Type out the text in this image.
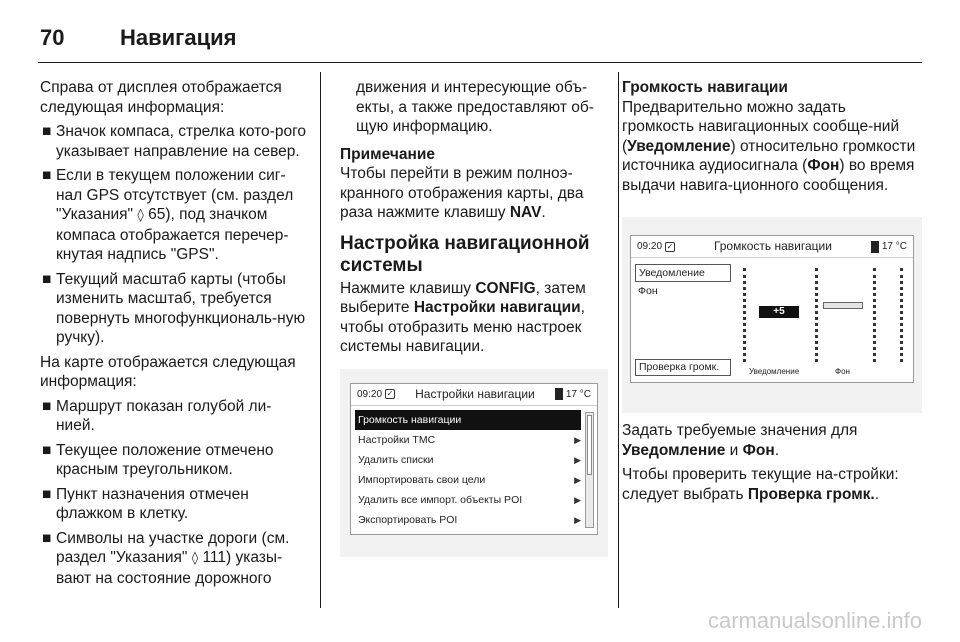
70	Навигация

Справа от дисплея отображается следующая информация:

■ Значок компаса, стрелка кото-рого указывает направление на север.
■ Если в текущем положении сиг-нал GPS отсутствует (см. раздел "Указания" ◊ 65), под значком компаса отображается перечер-кнутая надпись "GPS".
■ Текущий масштаб карты (чтобы изменить масштаб, требуется повернуть многофункциональ-ную ручку).

На карте отображается следующая информация:

■ Маршрут показан голубой ли-нией.
■ Текущее положение отмечено красным треугольником.
■ Пункт назначения отмечен флажком в клетку.
■ Символы на участке дороги (см. раздел "Указания" ◊ 111) указы-вают на состояние дорожного

движения и интересующие объ-екты, а также предоставляют об-щую информацию.

Примечание

Чтобы перейти в режим полноэ-кранного отображения карты, два раза нажмите клавишу NAV.

Настройка навигационной системы

Нажмите клавишу CONFIG, затем выберите Настройки навигации, чтобы отобразить меню настроек системы навигации.

09:20 ✓	Настройки навигации	17 °C
Громкость навигации
Настройки TMC	▶
Удалить списки	▶
Импортировать свои цели	▶
Удалить все импорт. объекты POI	▶
Экспортировать POI	▶
Громкость навигации

Предварительно можно задать громкость навигационных сообще-ний (Уведомление) относительно громкости источника аудиосигнала (Фон) во время выдачи навига-ционного сообщения.

09:20 ✓	Громкость навигации	17 °C
Уведомление
Фон
Проверка громк.
+5
Уведомление	Фон

Задать требуемые значения для Уведомление и Фон.

Чтобы проверить текущие на-стройки: следует выбрать Проверка громк..

carmanualsonline.info
